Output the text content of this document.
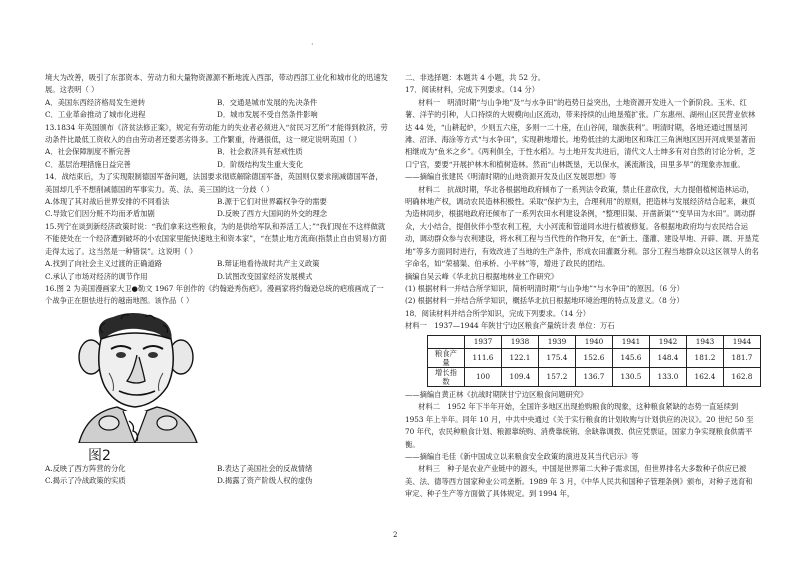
·

境大为改善，吸引了东部资本、劳动力和大量物资源源不断地流入西部，带动西部工业化和城市化的迅速发展。这表明（ ）

A．美国东西经济格局发生逆转	B．交通是城市发展的先决条件
C．工业革命推动了城市化进程	D．城市发展不受自然条件影响

13.1834 年英国颁布《济贫法修正案》，规定有劳动能力的失业者必须进入“贫民习艺所”才能得到救济，劳动条件比最低工资收入的自由劳动者还要恶劣得多。工作繁重，待遇很低，这一规定说明英国（ ）

A．社会保障制度不断完善	B．社会救济具有惩戒性质
C．基层治理措施日益完善	D．阶级结构发生重大变化

14．战结束后，为了实现限制德国军备问题，法国要求彻底解除德国军备，英国则仅要求削减德国军备，美国却几乎不想削减德国的军事实力。英、法、美三国的这一分歧（ ）

A.体现了其对战后世界安排的不同看法	B.源于它们对世界霸权争夺的需要
C.导致它们因分赃不均而矛盾加剧	D.反映了西方大国间的外交的理念

15.列宁在谈到新经济政策时说：“我们拿来这些粮食，为的是供给军队和养活工人；”“我们现在不这样做就不能使处在一个经济遭到破坏的小农国家里能快速地主和资本家”，“在禁止地方流商(指禁止自由贸易)方面走得太远了。这当然是一种错误”。这说明（ ）

A.找到了向社会主义过渡的正确道路	B.辩证地看待战时共产主义政策
C.承认了市场对经济的调节作用	D.试图改变国家经济发展模式

16.图 2 为美国漫画家大卫●勒文 1967 年创作的《约翰逊秀伤疤》。漫画家将约翰逊总统的疤痕画成了一个战争正在胆怯进行的越南地图。该作品（ ）

图2
A.反映了西方阵营的分化	B.表达了美国社会的反战情绪
C.揭示了冷战政策的实质	D.揭露了资产阶级人权的虚伪

二、非选择题：本题共 4 小题，共 52 分。

17．阅读材料，完成下列要求。（14 分）

材料一　明清时期“与山争地”及“与水争田”的趋势日益突出，土地资源开发进入一个新阶段。玉米、红薯、洋芋的引种，人口持续的大规模向山区流动，带来持续的山地垦殖扩张。广东惠州、湖州山区民营业依林达 44 处，“山耕起炉，少则五六座，多则一二十座，在山谷间，瑞族获利”。明清时期，各地还通过围垦河滩、沼泽、海涂等方式“与水争田”，实现耕地增长。地势低洼的太湖地区和珠江三角洲地区因开河成果显著而相继成为“鱼米之乡”。《两利俱全，于性水稻》。与土地开发共进后，清代文人士绅多有对自然的讨论分析，芝口宁宫，要要“开展护林木和植树造林。然而“山林既垦，无以保水，溪流渐浅，田里多旱”的现象亦加重。

——摘编自张建民《明清时期的山地资源开发及山区发展思想》等

材料二　抗战时期，华北各根据地政府倾布了一系列法令政策，禁止任意砍伐，大力提倡植树造林运动，明确林地产权，调动农民造林积极性。采取“保护为主，合理利用”的原则，把造林与发展经济结合起来，兼页为造林同步，根据地政府还倾布了一系列农田水利建设条例，“整理旧渠、开凿新渠”“变旱田为水田”。调动群众，大小结合，提倡伙伴小型农利工程，大小河流和管道同水进行植被修复。各根据地政府均与农民结合运动，调动群众参与农利建设，将水利工程与当代性的作物开发，在“新土、蓬灌、建设旱地、开辟、溉、开垦荒地”等多方面同时进行，有效改进了当地的生产条件，形成农田灌溉分利。部分工程当地群众以这区领导人的名字命名，如“荣禧渠、伯承桥、小平林”等，增进了政民的团结。

摘编自吴云峰《华北抗日根据地林业工作研究》

(1) 根据材料一并结合所学知识，简析明清时期“与山争地”“与水争田”的原因。（6 分）

(2) 根据材料一并结合所学知识，概括华北抗日根据地环境治理的特点及意义。（8 分）

18．阅读材料并结合所学知识，完成下列要求。（14 分）

材料一　1937—1944 年陕甘宁边区粮食产量统计表 单位：万石

	1937	1938	1939	1940	1941	1942	1943	1944
粮食产量	111.6	122.1	175.4	152.6	145.6	148.4	181.2	181.7
增长指数	100	109.4	157.2	136.7	130.5	133.0	162.4	162.8

——摘编自黄正林《抗战时期陕甘宁边区粮食问题研究》

材料二　1952 年下半年开始，全国许多地区出现抢购粮食的现象，这种粮食紧缺的态势一直延续到 1953 年上半年。同年 10 月，中共中央通过《关于实行粮食的计划收购与计划供应的决议》。20 世纪 50 至 70 年代，农民种粮食计划、粮源靠统购、消费靠统销、余缺靠调拨、供应凭票证，国家力争实现粮食供需平衡。

——摘编自毛佳《新中国成立以来粮食安全政策的演进及其当代启示》等

材料三　种子是农业产业链中的源头，中国是世界第二大种子需求国，但世界排名大多数种子供应已被美、法、德等西方国家种业公司垄断。1989 年 3 月，《中华人民共和国种子管理条例》颁布，对种子选育和审定、种子生产等方面做了具体规定。到 1994 年，

2
